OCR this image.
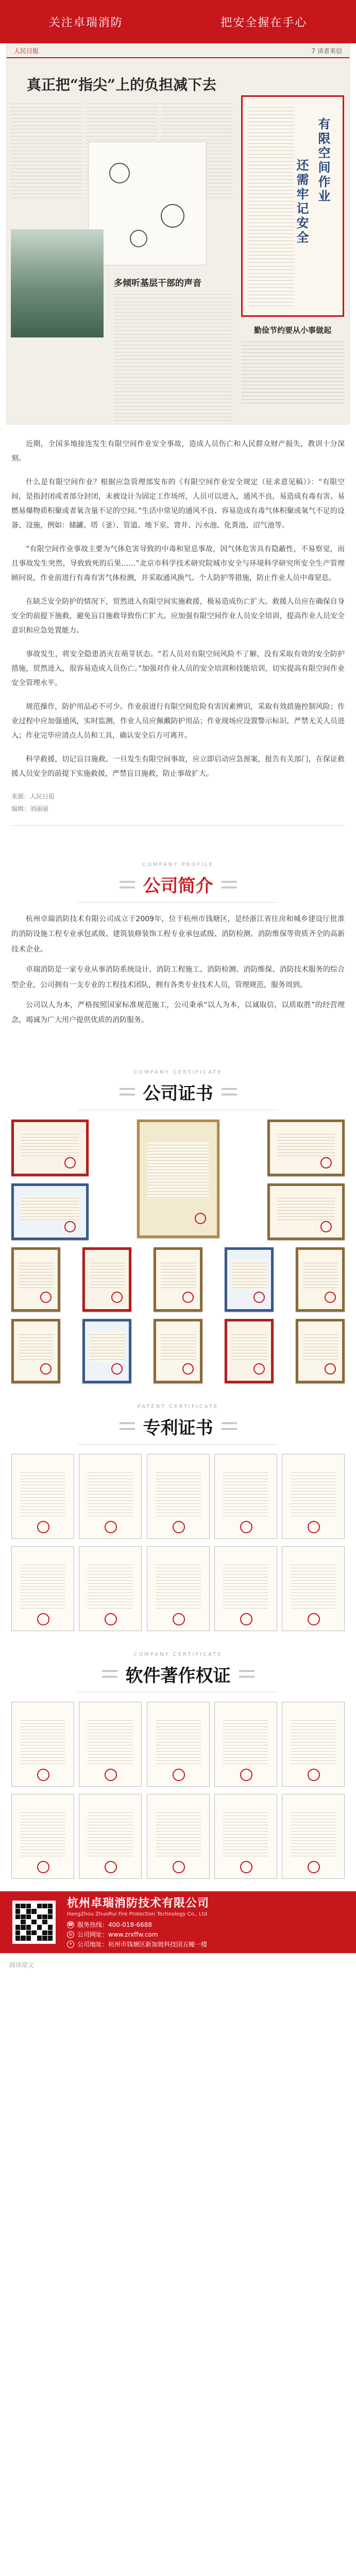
关注卓瑞消防	把安全握在手心
人民日报	7 读者来信
真正把“指尖”上的负担减下去
多倾听基层干部的声音
有限空间作业
还需牢记安全
勤俭节约要从小事做起

近期，全国多地接连发生有限空间作业安全事故，造成人员伤亡和人民群众财产损失，教训十分深刻。

什么是有限空间作业？根据应急管理部发布的《有限空间作业安全规定（征求意见稿）》：“有限空间，是指封闭或者部分封闭，未被设计为固定工作场所，人员可以进入，通风不良，易造成有毒有害、易燃易爆物质积聚或者氧含量不足的空间。”生活中常见的通风不良、容易造成有毒气体积聚或氧气不足的设备、设施，例如：储罐、塔（釜）、管道、地下室、窨井、污水池、化粪池、沼气池等。

“有限空间作业事故主要为气体危害导致的中毒和窒息事故，因气体危害具有隐蔽性，不易察觉，而且事故发生突然，导致致死的后果……”北京市科学技术研究院城市安全与环境科学研究所安全生产管理顾问说，作业前进行有毒有害气体检测，并采取通风换气、个人防护等措施，防止作业人员中毒窒息。

在缺乏安全防护的情况下，贸然进入有限空间实施救援，极易造成伤亡扩大。救援人员应在确保自身安全的前提下施救，避免盲目施救导致伤亡扩大。应加强有限空间作业人员安全培训，提高作业人员安全意识和应急处置能力。

事故发生，将安全隐患消灭在萌芽状态。“若人员对有限空间风险不了解，没有采取有效的安全防护措施，贸然进入，很容易造成人员伤亡。”加强对作业人员的安全培训和技能培训，切实提高有限空间作业安全管理水平。

规范操作，防护用品必不可少。作业前进行有限空间危险有害因素辨识，采取有效措施控制风险；作业过程中应加强通风，实时监测，作业人员应佩戴防护用品；作业现场应设置警示标识，严禁无关人员进入；作业完毕应清点人员和工具，确认安全后方可离开。

科学救援，切记盲目施救。一旦发生有限空间事故，应立即启动应急预案，报告有关部门，在保证救援人员安全的前提下实施救援，严禁盲目施救，防止事故扩大。

来源：人民日报
编辑：刘丽丽
COMPANY PROFILE
公司简介

杭州卓瑞消防技术有限公司成立于2009年，位于杭州市钱塘区，是经浙江省住房和城乡建设厅批准的消防设施工程专业承包贰级、建筑装修装饰工程专业承包贰级、消防检测、消防维保等资质齐全的高新技术企业。

卓瑞消防是一家专业从事消防系统设计、消防工程施工、消防检测、消防维保、消防技术服务的综合型企业，公司拥有一支专业的工程技术团队，拥有各类专业技术人员，管理规范，服务周到。

公司以人为本，严格按照国家标准规范施工，公司秉承“以人为本，以诚取信，以质取胜”的经营理念，竭诚为广大用户提供优质的消防服务。

COMPANY CERTIFICATE
公司证书
PATENT CERTIFICATE
专利证书
COMPANY CERTIFICATE
软件著作权证
杭州卓瑞消防技术有限公司
HangZhou ZhuoRui Fire Protection Technology Co., Ltd.
☎ 服务热线：400-018-6688
◎ 公司网址：www.zrxffw.com
⌖ 公司地址：杭州市钱塘区新加坡科技园五幢一楼
阅读原文
